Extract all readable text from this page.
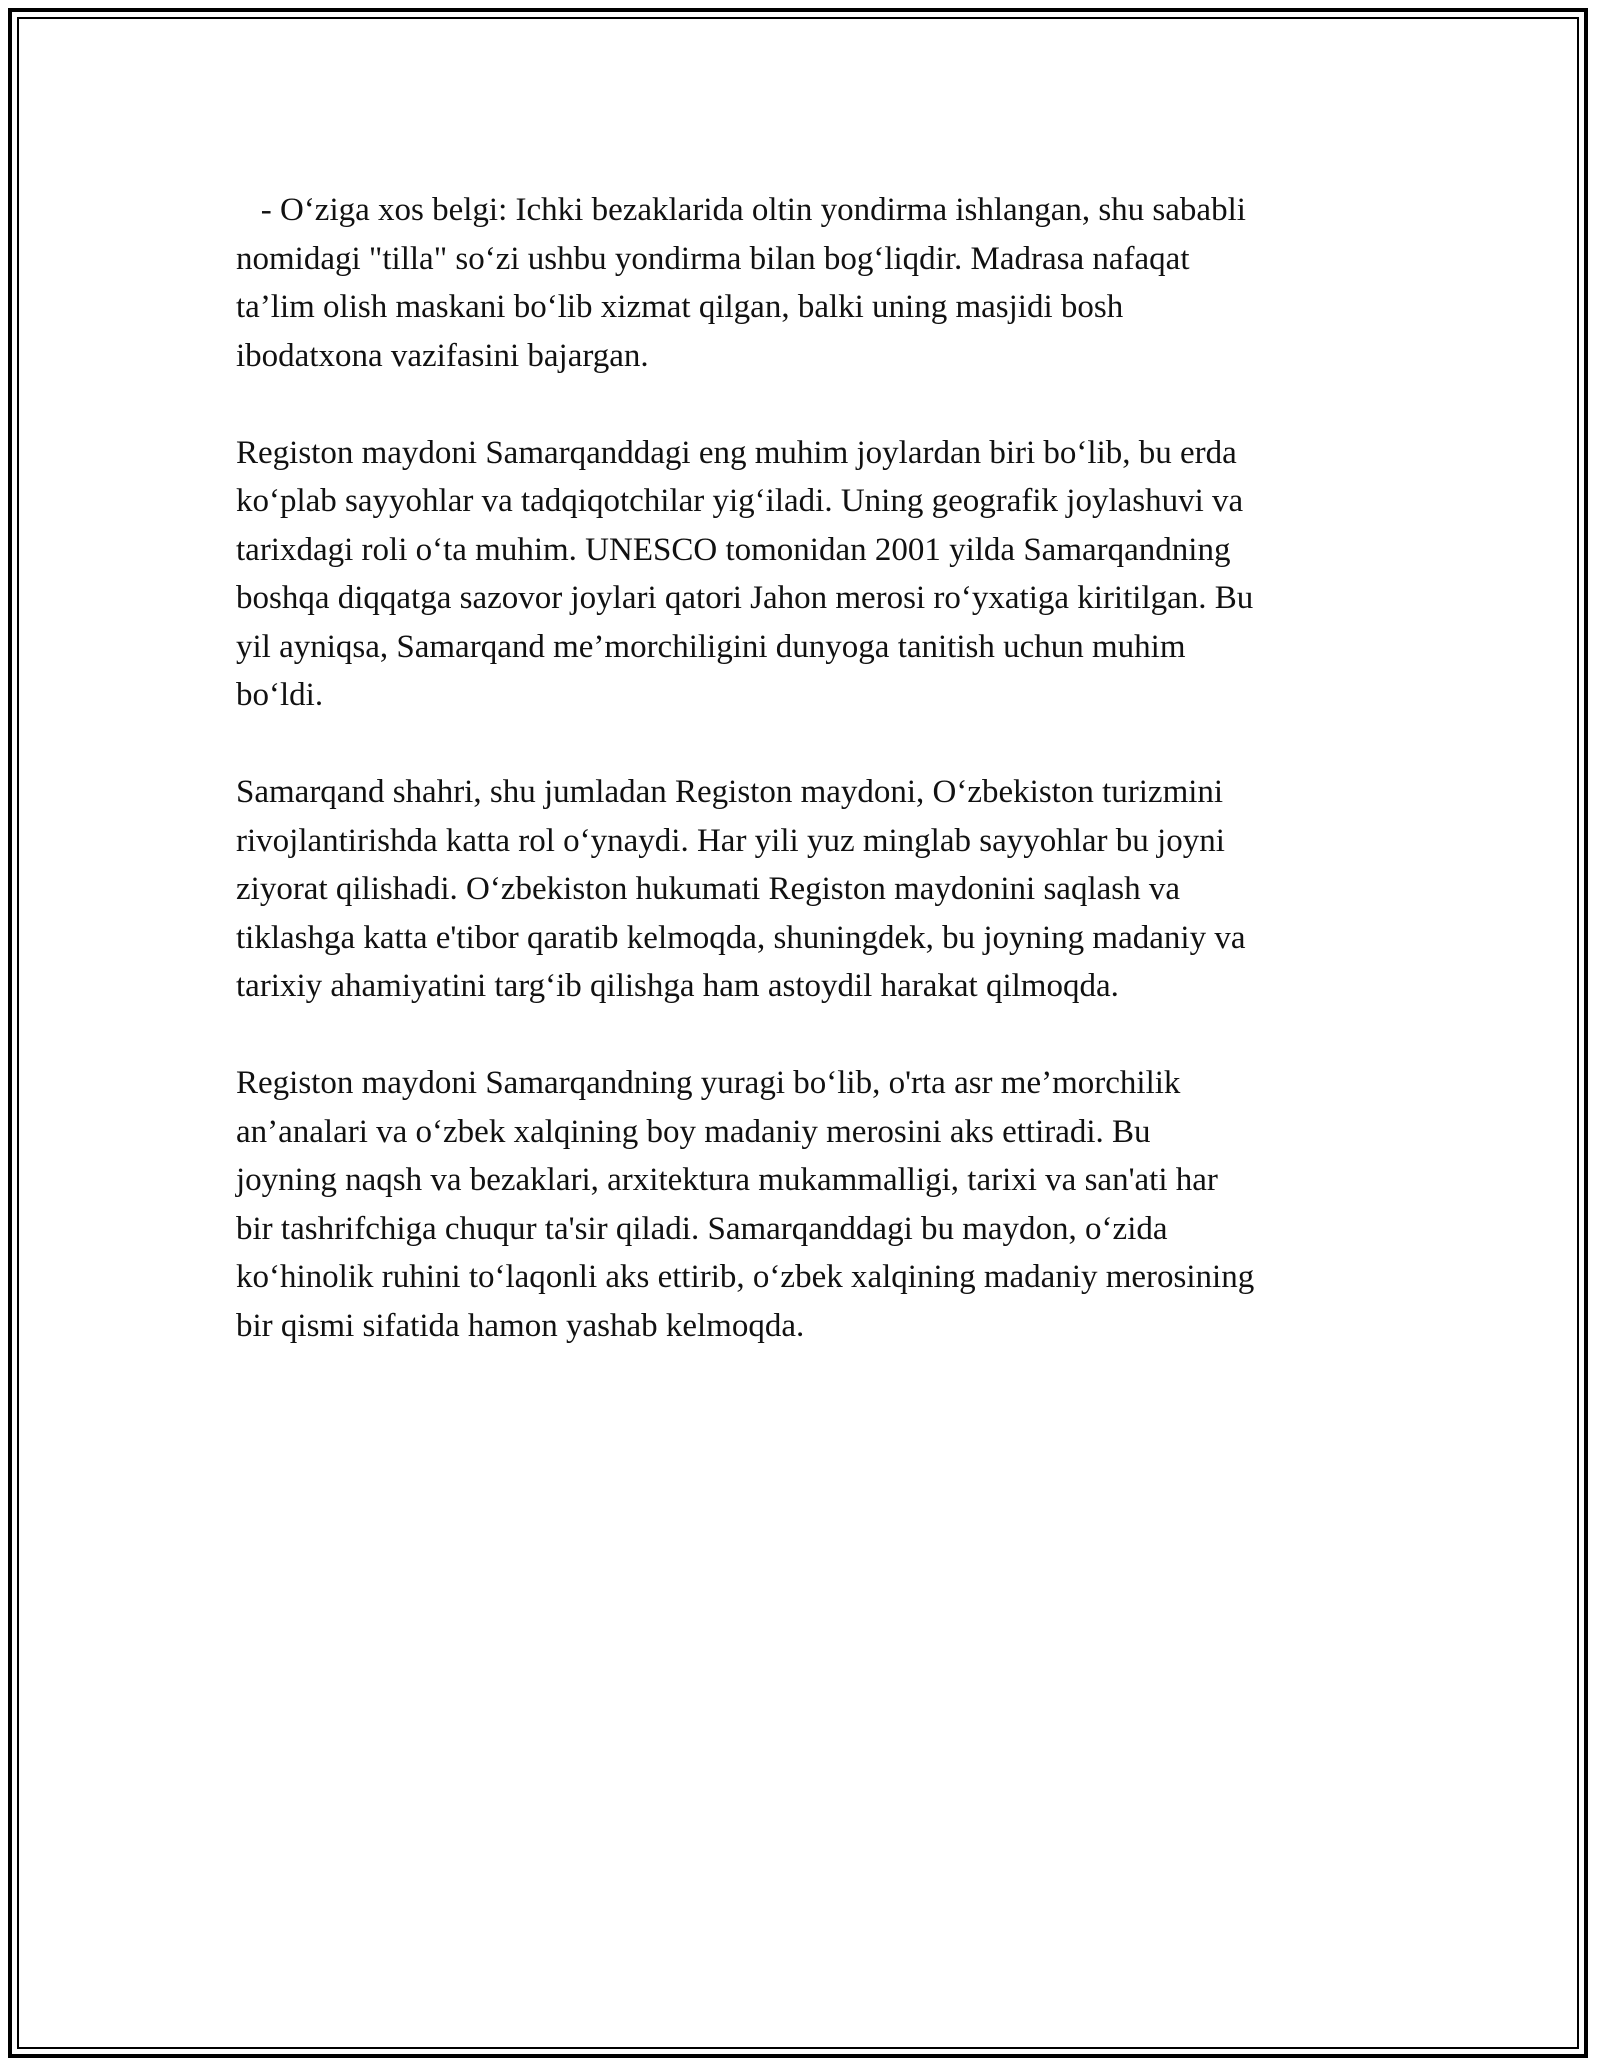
- O‘ziga xos belgi: Ichki bezaklarida oltin yondirma ishlangan, shu sababli
nomidagi "tilla" so‘zi ushbu yondirma bilan bog‘liqdir. Madrasa nafaqat
ta’lim olish maskani bo‘lib xizmat qilgan, balki uning masjidi bosh
ibodatxona vazifasini bajargan.

Registon maydoni Samarqanddagi eng muhim joylardan biri bo‘lib, bu erda
ko‘plab sayyohlar va tadqiqotchilar yig‘iladi. Uning geografik joylashuvi va
tarixdagi roli o‘ta muhim. UNESCO tomonidan 2001 yilda Samarqandning
boshqa diqqatga sazovor joylari qatori Jahon merosi ro‘yxatiga kiritilgan. Bu
yil ayniqsa, Samarqand me’morchiligini dunyoga tanitish uchun muhim
bo‘ldi.

Samarqand shahri, shu jumladan Registon maydoni, O‘zbekiston turizmini
rivojlantirishda katta rol o‘ynaydi. Har yili yuz minglab sayyohlar bu joyni
ziyorat qilishadi. O‘zbekiston hukumati Registon maydonini saqlash va
tiklashga katta e'tibor qaratib kelmoqda, shuningdek, bu joyning madaniy va
tarixiy ahamiyatini targ‘ib qilishga ham astoydil harakat qilmoqda.

Registon maydoni Samarqandning yuragi bo‘lib, o'rta asr me’morchilik
an’analari va o‘zbek xalqining boy madaniy merosini aks ettiradi. Bu
joyning naqsh va bezaklari, arxitektura mukammalligi, tarixi va san'ati har
bir tashrifchiga chuqur ta'sir qiladi. Samarqanddagi bu maydon, o‘zida
ko‘hinolik ruhini to‘laqonli aks ettirib, o‘zbek xalqining madaniy merosining
bir qismi sifatida hamon yashab kelmoqda.
